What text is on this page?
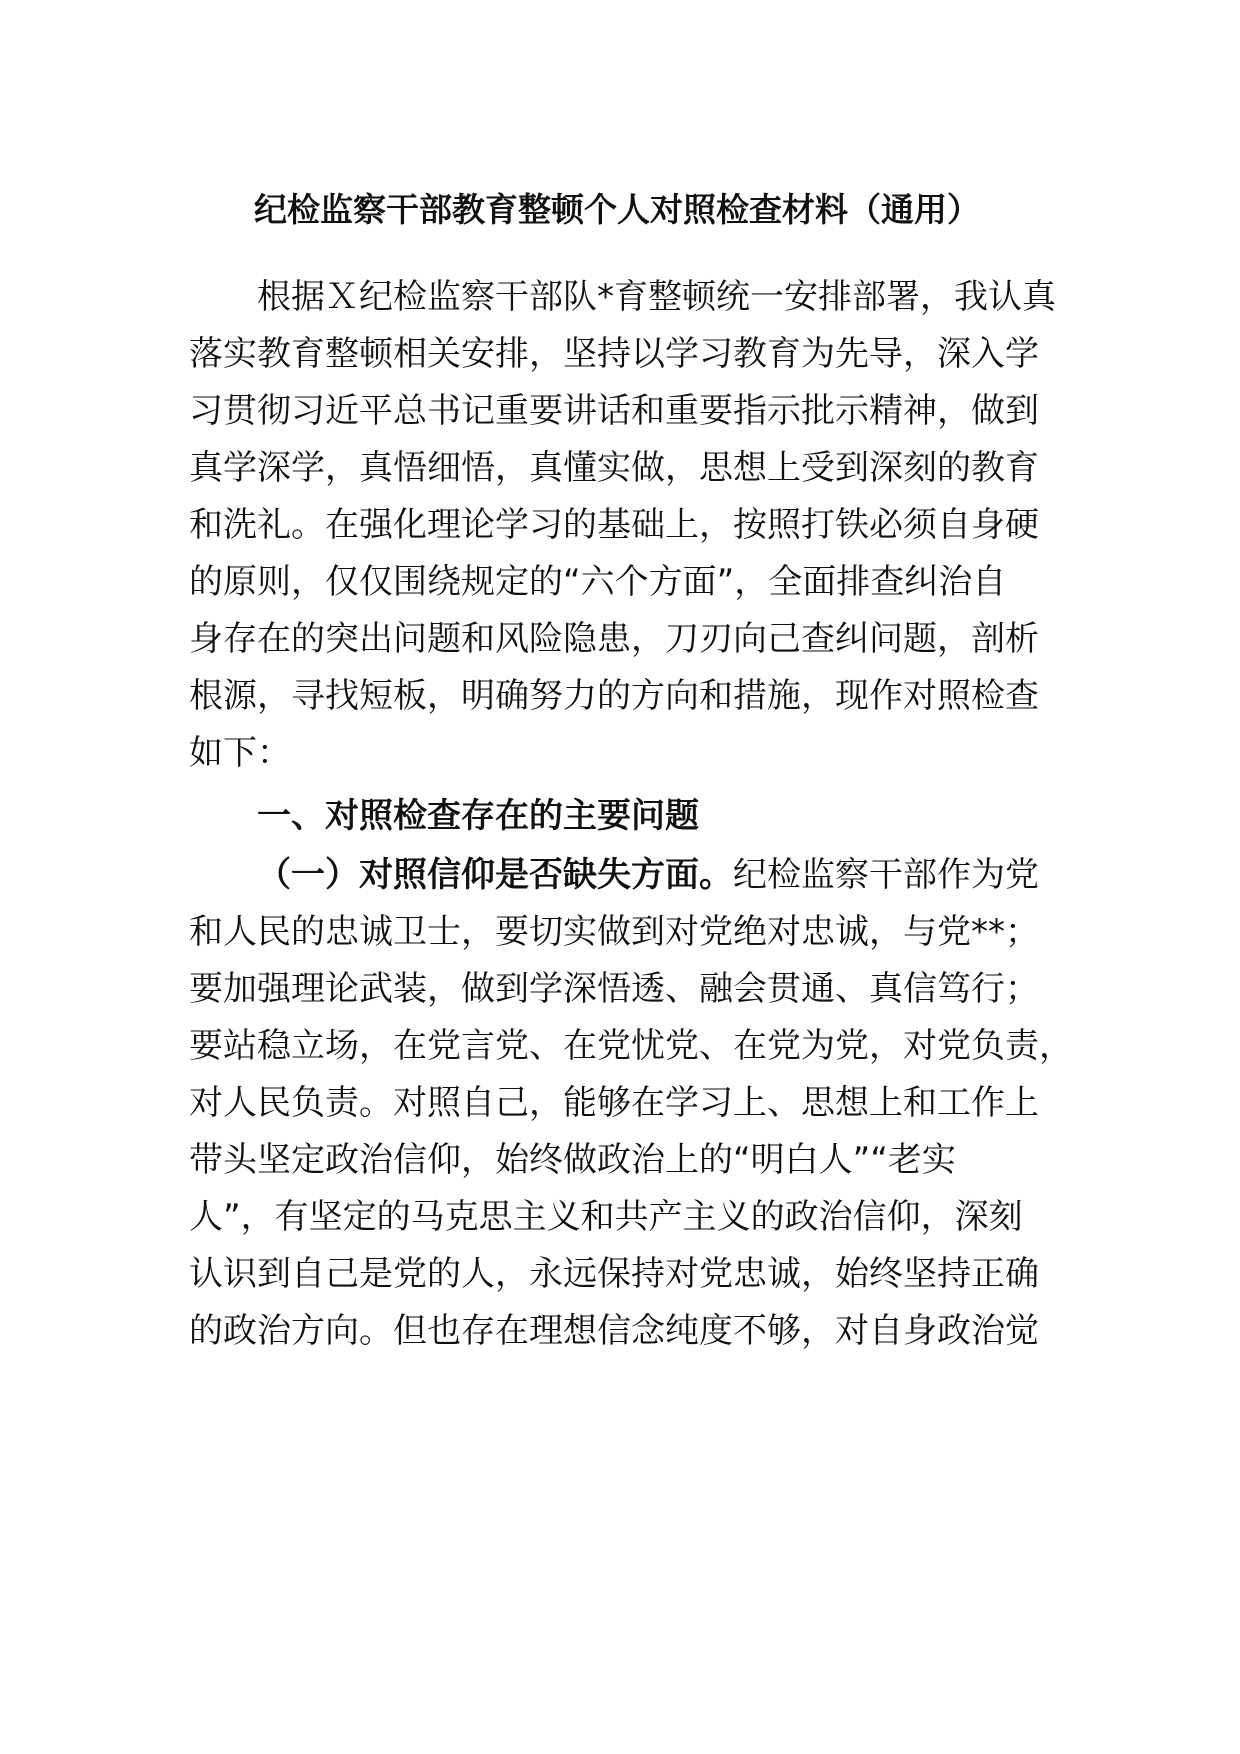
纪检监察干部教育整顿个人对照检查材料（通用）

根据Ｘ纪检监察干部队*育整顿统一安排部署，我认真

落实教育整顿相关安排，坚持以学习教育为先导，深入学

习贯彻习近平总书记重要讲话和重要指示批示精神，做到

真学深学，真悟细悟，真懂实做，思想上受到深刻的教育

和洗礼。在强化理论学习的基础上，按照打铁必须自身硬

的原则，仅仅围绕规定的“六个方面”，全面排查纠治自

身存在的突出问题和风险隐患，刀刃向己查纠问题，剖析

根源，寻找短板，明确努力的方向和措施，现作对照检查

如下：

一、对照检查存在的主要问题

（一）对照信仰是否缺失方面。纪检监察干部作为党

和人民的忠诚卫士，要切实做到对党绝对忠诚，与党**；

要加强理论武装，做到学深悟透、融会贯通、真信笃行；

要站稳立场，在党言党、在党忧党、在党为党，对党负责，

对人民负责。对照自己，能够在学习上、思想上和工作上

带头坚定政治信仰，始终做政治上的“明白人”“老实

人”，有坚定的马克思主义和共产主义的政治信仰，深刻

认识到自己是党的人，永远保持对党忠诚，始终坚持正确

的政治方向。但也存在理想信念纯度不够，对自身政治觉
